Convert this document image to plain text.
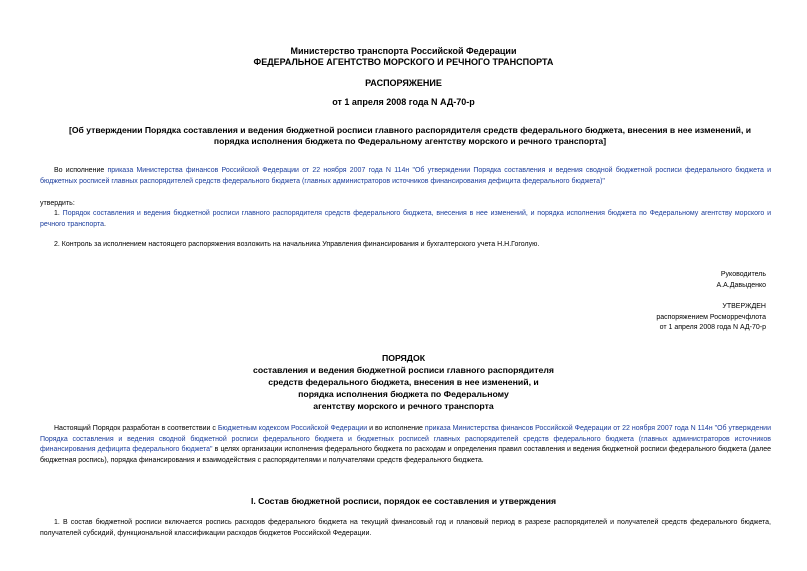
Министерство транспорта Российской Федерации
ФЕДЕРАЛЬНОЕ АГЕНТСТВО МОРСКОГО И РЕЧНОГО ТРАНСПОРТА
РАСПОРЯЖЕНИЕ
от 1 апреля 2008 года N АД-70-р
[Об утверждении Порядка составления и ведения бюджетной росписи главного распорядителя средств федерального бюджета, внесения в нее изменений, и
порядка исполнения бюджета по Федеральному агентству морского и речного транспорта]
Во исполнение приказа Министерства финансов Российской Федерации от 22 ноября 2007 года N 114н "Об утверждении Порядка составления и ведения сводной бюджетной росписи федерального бюджета и бюджетных росписей главных распорядителей средств федерального бюджета (главных администраторов источников финансирования дефицита федерального бюджета)"
утвердить:
1. Порядок составления и ведения бюджетной росписи главного распорядителя средств федерального бюджета, внесения в нее изменений, и порядка исполнения бюджета по Федеральному агентству морского и речного транспорта.
2. Контроль за исполнением настоящего распоряжения возложить на начальника Управления финансирования и бухгалтерского учета Н.Н.Гоголую.
Руководитель
А.А.Давыденко
УТВЕРЖДЕН
распоряжением Росморречфлота
от 1 апреля 2008 года N АД-70-р
ПОРЯДОК
составления и ведения бюджетной росписи главного распорядителя
средств федерального бюджета, внесения в нее изменений, и
порядка исполнения бюджета по Федеральному
агентству морского и речного транспорта
Настоящий Порядок разработан в соответствии с Бюджетным кодексом Российской Федерации и во исполнение приказа Министерства финансов Российской Федерации от 22 ноября 2007 года N 114н "Об утверждении Порядка составления и ведения сводной бюджетной росписи федерального бюджета и бюджетных росписей главных распорядителей средств федерального бюджета (главных администраторов источников финансирования дефицита федерального бюджета" в целях организации исполнения федерального бюджета по расходам и определения правил составления и ведения бюджетной росписи федерального бюджета (далее бюджетная роспись), порядка финансирования и взаимодействия с распорядителями и получателями средств федерального бюджета.
I. Состав бюджетной росписи, порядок ее составления и утверждения
1. В состав бюджетной росписи включается роспись расходов федерального бюджета на текущий финансовый год и плановый период в разрезе распорядителей и получателей средств федерального бюджета, получателей субсидий, функциональной классификации расходов бюджетов Российской Федерации.
